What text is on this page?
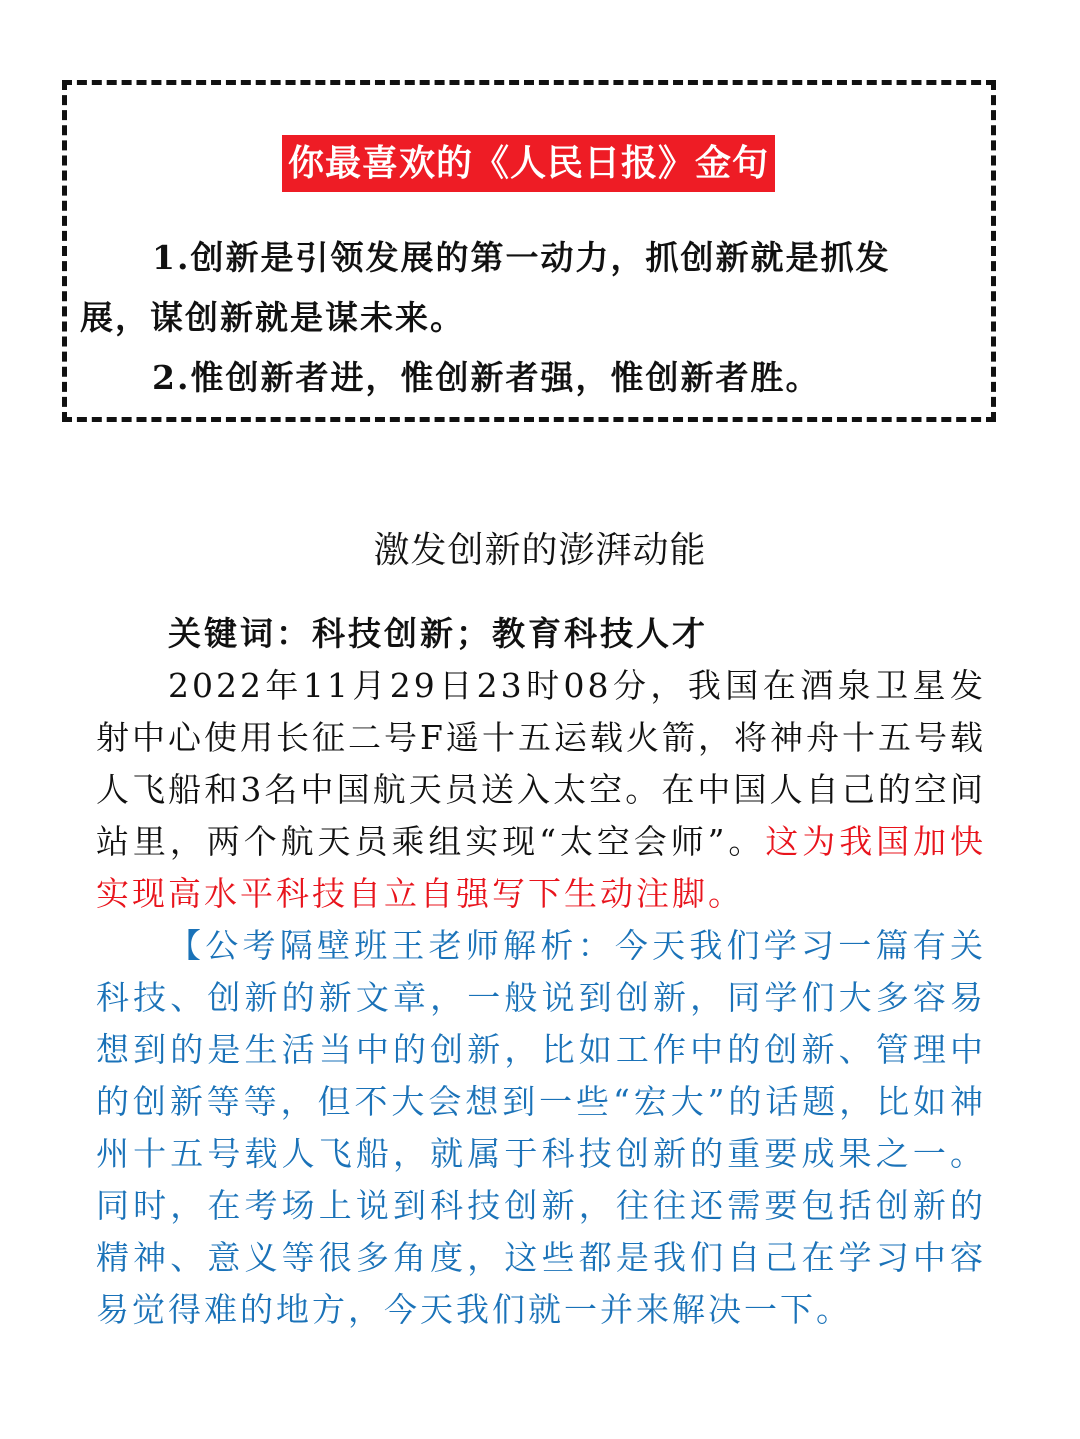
你最喜欢的《人民日报》金句

1.创新是引领发展的第一动力，抓创新就是抓发展，谋创新就是谋未来。

2.惟创新者进，惟创新者强，惟创新者胜。

激发创新的澎湃动能

关键词：科技创新；教育科技人才

2022年11月29日23时08分，我国在酒泉卫星发射中心使用长征二号F遥十五运载火箭，将神舟十五号载人飞船和3名中国航天员送入太空。在中国人自己的空间站里，两个航天员乘组实现“太空会师”。这为我国加快实现高水平科技自立自强写下生动注脚。

【公考隔壁班王老师解析：今天我们学习一篇有关科技、创新的新文章，一般说到创新，同学们大多容易想到的是生活当中的创新，比如工作中的创新、管理中的创新等等，但不大会想到一些“宏大”的话题，比如神州十五号载人飞船，就属于科技创新的重要成果之一。同时，在考场上说到科技创新，往往还需要包括创新的精神、意义等很多角度，这些都是我们自己在学习中容易觉得难的地方，今天我们就一并来解决一下。
